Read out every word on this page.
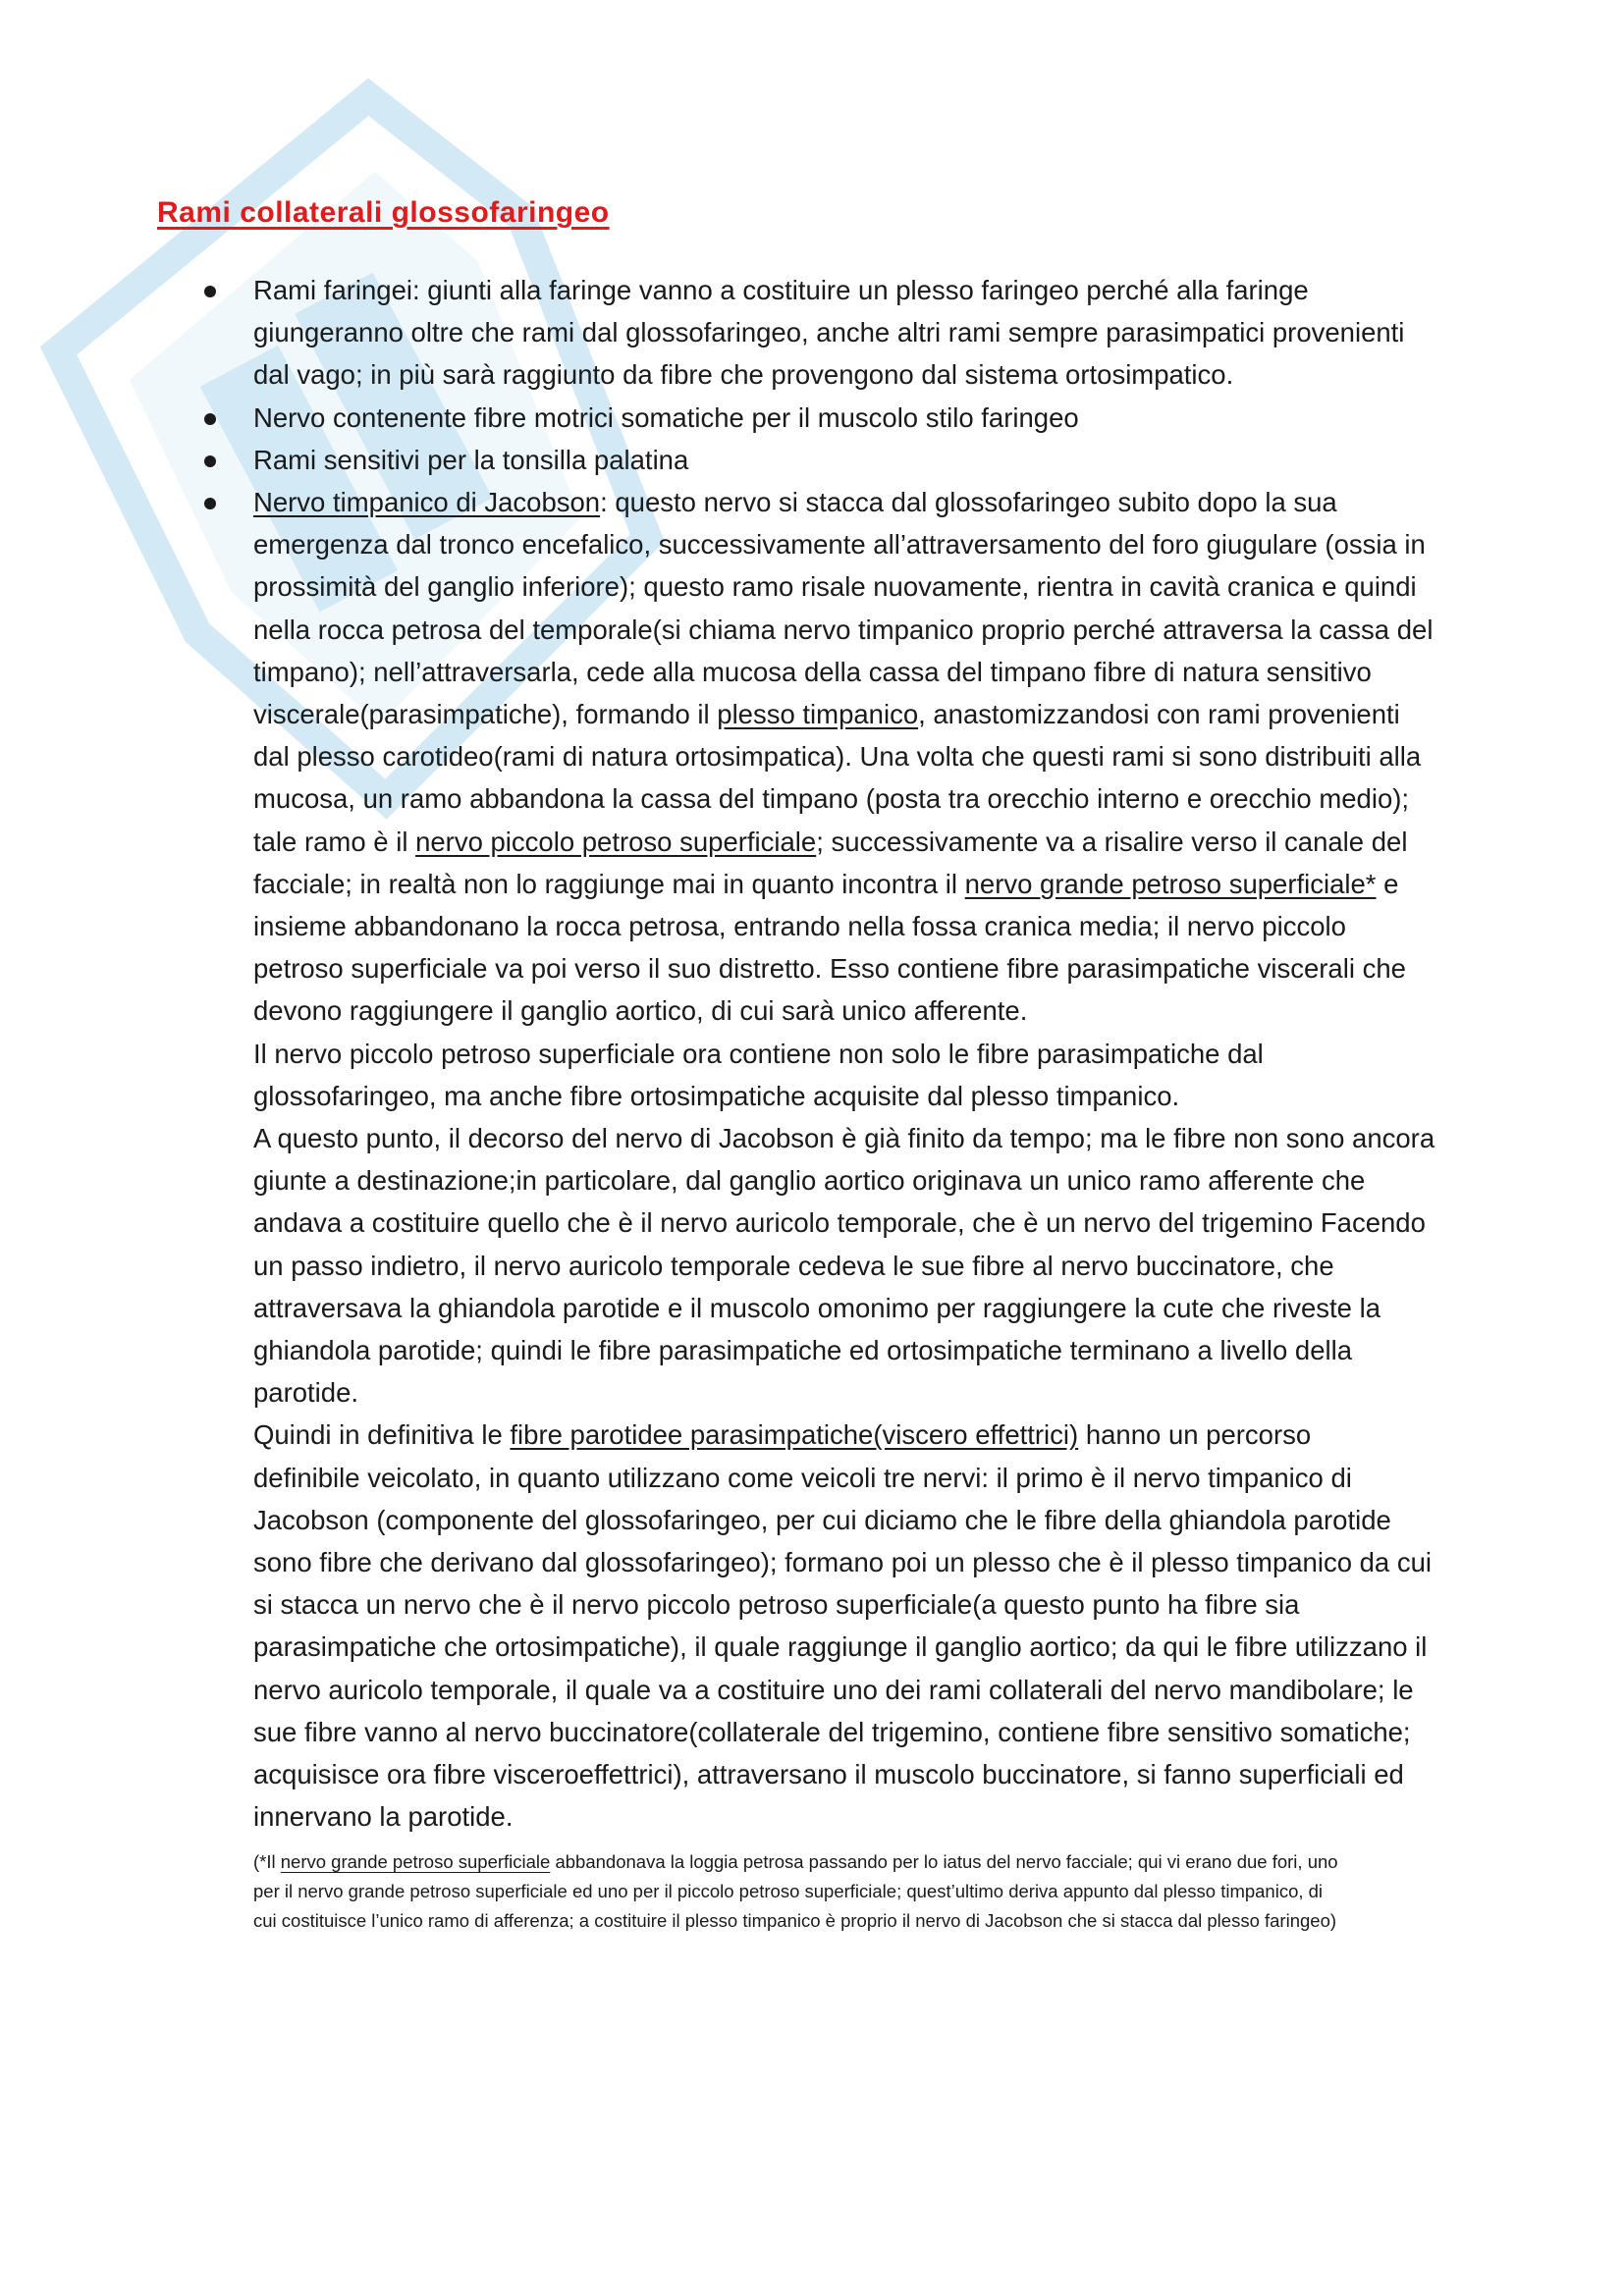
Rami collaterali glossofaringeo
Rami faringei: giunti alla faringe vanno a costituire un plesso faringeo perché alla faringe
giungeranno oltre che rami dal glossofaringeo, anche altri rami sempre parasimpatici provenienti
dal vago; in più sarà raggiunto da fibre che provengono dal sistema ortosimpatico.
Nervo contenente fibre motrici somatiche per il muscolo stilo faringeo
Rami sensitivi per la tonsilla palatina
Nervo timpanico di Jacobson: questo nervo si stacca dal glossofaringeo subito dopo la sua
emergenza dal tronco encefalico, successivamente all’attraversamento del foro giugulare (ossia in
prossimità del ganglio inferiore); questo ramo risale nuovamente, rientra in cavità cranica e quindi
nella rocca petrosa del temporale(si chiama nervo timpanico proprio perché attraversa la cassa del
timpano); nell’attraversarla, cede alla mucosa della cassa del timpano fibre di natura sensitivo
viscerale(parasimpatiche), formando il plesso timpanico, anastomizzandosi con rami provenienti
dal plesso carotideo(rami di natura ortosimpatica). Una volta che questi rami si sono distribuiti alla
mucosa, un ramo abbandona la cassa del timpano (posta tra orecchio interno e orecchio medio);
tale ramo è il nervo piccolo petroso superficiale; successivamente va a risalire verso il canale del
facciale; in realtà non lo raggiunge mai in quanto incontra il nervo grande petroso superficiale* e
insieme abbandonano la rocca petrosa, entrando nella fossa cranica media; il nervo piccolo
petroso superficiale va poi verso il suo distretto. Esso contiene fibre parasimpatiche viscerali che
devono raggiungere il ganglio aortico, di cui sarà unico afferente.
Il nervo piccolo petroso superficiale ora contiene non solo le fibre parasimpatiche dal
glossofaringeo, ma anche fibre ortosimpatiche acquisite dal plesso timpanico.
A questo punto, il decorso del nervo di Jacobson è già finito da tempo; ma le fibre non sono ancora
giunte a destinazione;in particolare, dal ganglio aortico originava un unico ramo afferente che
andava a costituire quello che è il nervo auricolo temporale, che è un nervo del trigemino Facendo
un passo indietro, il nervo auricolo temporale cedeva le sue fibre al nervo buccinatore, che
attraversava la ghiandola parotide e il muscolo omonimo per raggiungere la cute che riveste la
ghiandola parotide; quindi le fibre parasimpatiche ed ortosimpatiche terminano a livello della
parotide.
Quindi in definitiva le fibre parotidee parasimpatiche(viscero effettrici) hanno un percorso
definibile veicolato, in quanto utilizzano come veicoli tre nervi: il primo è il nervo timpanico di
Jacobson (componente del glossofaringeo, per cui diciamo che le fibre della ghiandola parotide
sono fibre che derivano dal glossofaringeo); formano poi un plesso che è il plesso timpanico da cui
si stacca un nervo che è il nervo piccolo petroso superficiale(a questo punto ha fibre sia
parasimpatiche che ortosimpatiche), il quale raggiunge il ganglio aortico; da qui le fibre utilizzano il
nervo auricolo temporale, il quale va a costituire uno dei rami collaterali del nervo mandibolare; le
sue fibre vanno al nervo buccinatore(collaterale del trigemino, contiene fibre sensitivo somatiche;
acquisisce ora fibre visceroeffettrici), attraversano il muscolo buccinatore, si fanno superficiali ed
innervano la parotide.
(*Il nervo grande petroso superficiale abbandonava la loggia petrosa passando per lo iatus del nervo facciale; qui vi erano due fori, uno
per il nervo grande petroso superficiale ed uno per il piccolo petroso superficiale; quest’ultimo deriva appunto dal plesso timpanico, di
cui costituisce l’unico ramo di afferenza; a costituire il plesso timpanico è proprio il nervo di Jacobson che si stacca dal plesso faringeo)
